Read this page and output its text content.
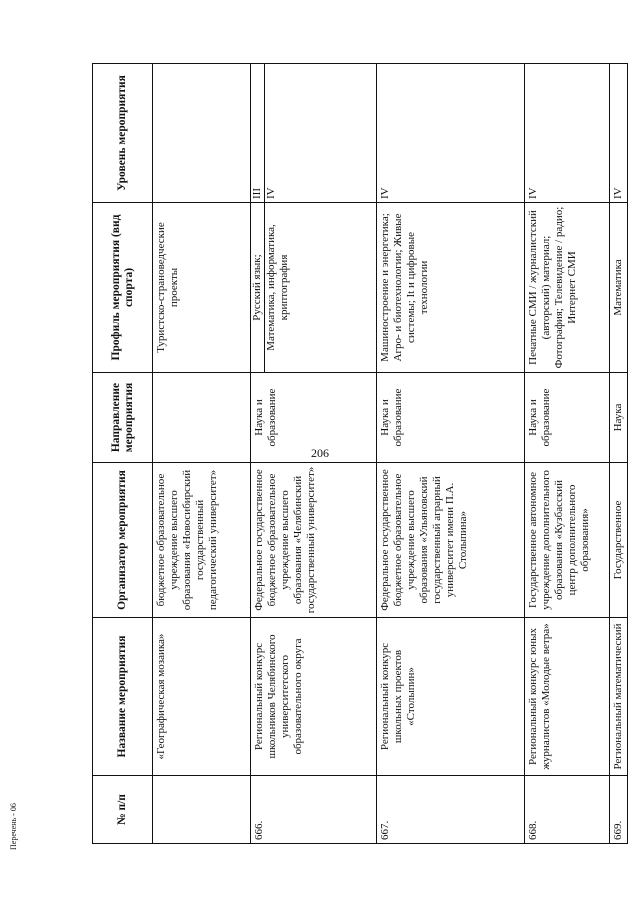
206
№ п/п	Название мероприятия	Организатор мероприятия	Направление мероприятия	Профиль мероприятия (вид спорта)	Уровень мероприятия
	«Географическая мозаика»	бюджетное образовательное учреждение высшего образования «Новосибирский государственный педагогический университет»		Туристско-страноведческие проекты	
666.	Региональный конкурс школьников Челябинского университетского образовательного округа	Федеральное государственное бюджетное образовательное учреждение высшего образования «Челябинский государственный университет»	Наука и образование	Русский язык; Математика, информатика, криптография	III IV

667.	Региональный конкурс школьных проектов «Столыпин»	Федеральное государственное бюджетное образовательное учреждение высшего образования «Ульяновский государственный аграрный университет имени П.А. Столыпина»	Наука и образование	Машиностроение и энергетика; Агро- и биотехнологии; Живые системы; It и цифровые технологии	IV
668.	Региональный конкурс юных журналистов «Молодые ветра»	Государственное автономное учреждение дополнительного образования «Кузбасский центр дополнительного образования»	Наука и образование	Печатные СМИ / журналистский (авторский) материал; Фотография; Телевидение / радио; Интернет СМИ	IV
669.	Региональный математический	Государственное	Наука	Математика	IV
Перечень - 06
